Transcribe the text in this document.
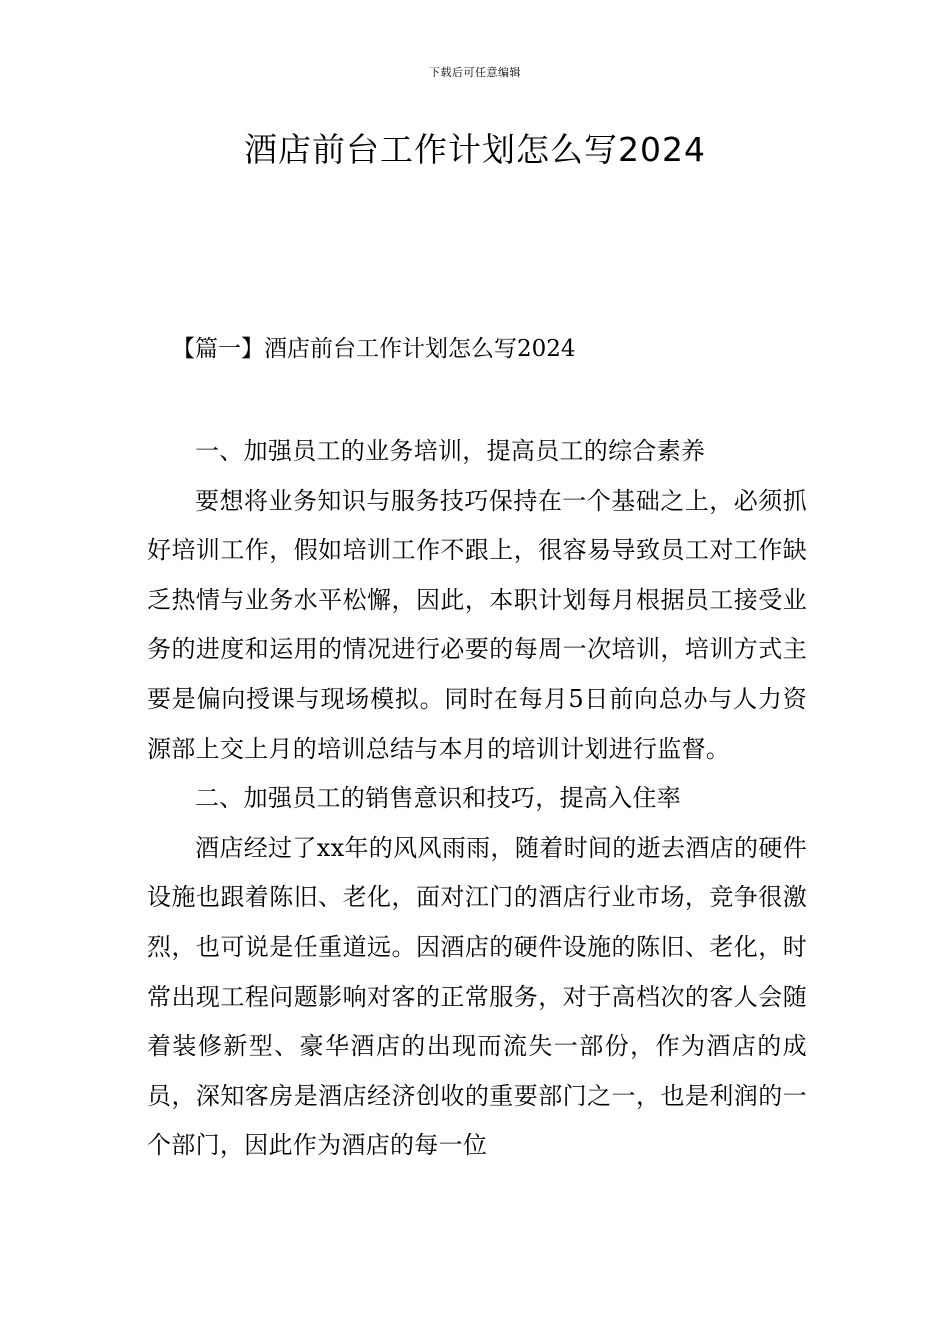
下载后可任意编辑
酒店前台工作计划怎么写2024
【篇一】酒店前台工作计划怎么写2024
一、加强员工的业务培训，提高员工的综合素养

要想将业务知识与服务技巧保持在一个基础之上，必须抓好培训工作，假如培训工作不跟上，很容易导致员工对工作缺乏热情与业务水平松懈，因此，本职计划每月根据员工接受业务的进度和运用的情况进行必要的每周一次培训，培训方式主要是偏向授课与现场模拟。同时在每月5日前向总办与人力资源部上交上月的培训总结与本月的培训计划进行监督。

二、加强员工的销售意识和技巧，提高入住率

酒店经过了xx年的风风雨雨，随着时间的逝去酒店的硬件设施也跟着陈旧、老化，面对江门的酒店行业市场，竞争很激烈，也可说是任重道远。因酒店的硬件设施的陈旧、老化，时常出现工程问题影响对客的正常服务，对于高档次的客人会随着装修新型、豪华酒店的出现而流失一部份，作为酒店的成员，深知客房是酒店经济创收的重要部门之一，也是利润的一个部门，因此作为酒店的每一位
